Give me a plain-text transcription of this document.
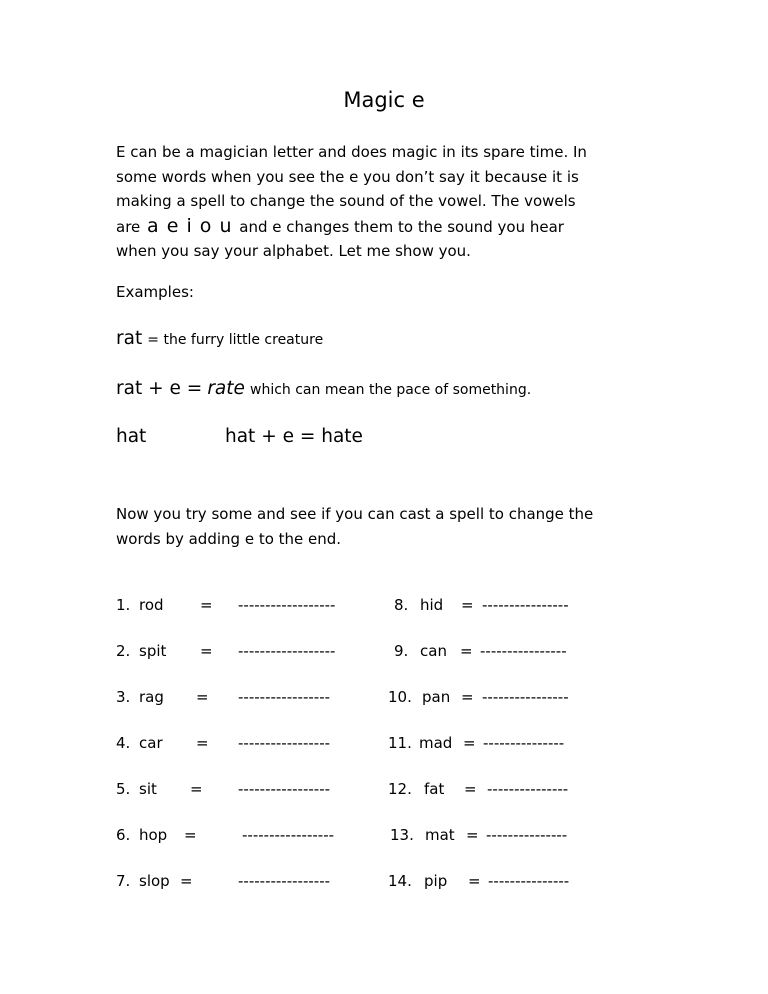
Magic e
E can be a magician letter and does magic in its spare time. In
some words when you see the e you don’t say it because it is
making a spell to change the sound of the vowel. The vowels
are a e i o u and e changes them to the sound you hear
when you say your alphabet. Let me show you.
Examples:
rat = the furry little creature
rat + e = rate which can mean the pace of something.
hat	hat + e = hate
Now you try some and see if you can cast a spell to change the
words by adding e to the end.
1. rod = ------------------
2. spit = ------------------
3. rag = -----------------
4. car = -----------------
5. sit = -----------------
6. hop =	-----------------
7. slop =	-----------------
8. hid = ----------------
9. can = ----------------
10. pan = ----------------
11. mad = ---------------
12. fat = ---------------
13. mat = ---------------
14. pip = ---------------
